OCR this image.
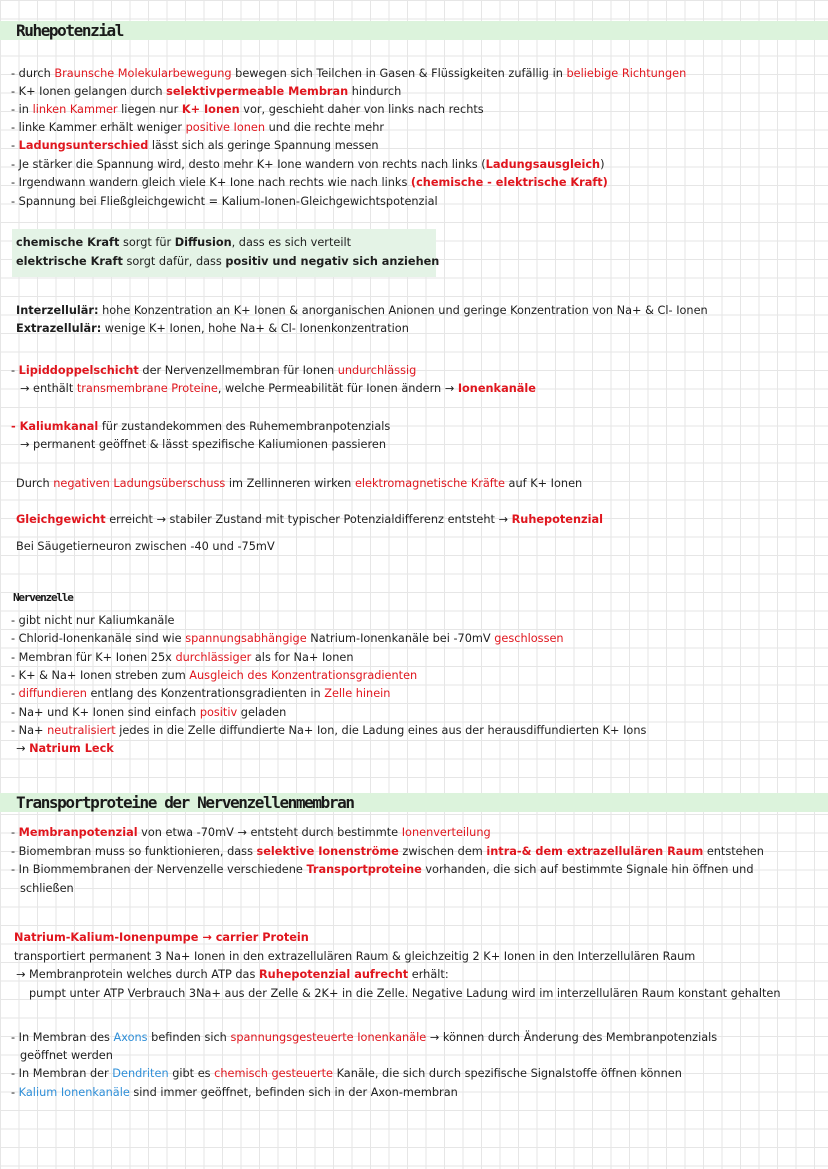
Ruhepotenzial
- durch Braunsche Molekularbewegung bewegen sich Teilchen in Gasen & Flüssigkeiten zufällig in beliebige Richtungen
- K+ Ionen gelangen durch selektivpermeable Membran hindurch
- in linken Kammer liegen nur K+ Ionen vor, geschieht daher von links nach rechts
- linke Kammer erhält weniger positive Ionen und die rechte mehr
- Ladungsunterschied lässt sich als geringe Spannung messen
- Je stärker die Spannung wird, desto mehr K+ Ione wandern von rechts nach links (Ladungsausgleich)
- Irgendwann wandern gleich viele K+ Ione nach rechts wie nach links (chemische - elektrische Kraft)
- Spannung bei Fließgleichgewicht = Kalium-Ionen-Gleichgewichtspotenzial
chemische Kraft sorgt für Diffusion, dass es sich verteilt
elektrische Kraft sorgt dafür, dass positiv und negativ sich anziehen
Interzellulär: hohe Konzentration an K+ Ionen & anorganischen Anionen und geringe Konzentration von Na+ & Cl- Ionen
Extrazellulär: wenige K+ Ionen, hohe Na+ & Cl- Ionenkonzentration
- Lipiddoppelschicht der Nervenzellmembran für Ionen undurchlässig
→ enthält transmembrane Proteine, welche Permeabilität für Ionen ändern → Ionenkanäle
- Kaliumkanal für zustandekommen des Ruhemembranpotenzials
→ permanent geöffnet & lässt spezifische Kaliumionen passieren
Durch negativen Ladungsüberschuss im Zellinneren wirken elektromagnetische Kräfte auf K+ Ionen
Gleichgewicht erreicht → stabiler Zustand mit typischer Potenzialdifferenz entsteht → Ruhepotenzial
Bei Säugetierneuron zwischen -40 und -75mV
Nervenzelle
- gibt nicht nur Kaliumkanäle
- Chlorid-Ionenkanäle sind wie spannungsabhängige Natrium-Ionenkanäle bei -70mV geschlossen
- Membran für K+ Ionen 25x durchlässiger als for Na+ Ionen
- K+ & Na+ Ionen streben zum Ausgleich des Konzentrationsgradienten
- diffundieren entlang des Konzentrationsgradienten in Zelle hinein
- Na+ und K+ Ionen sind einfach positiv geladen
- Na+ neutralisiert jedes in die Zelle diffundierte Na+ Ion, die Ladung eines aus der herausdiffundierten K+ Ions
→ Natrium Leck
Transportproteine der Nervenzellenmembran
- Membranpotenzial von etwa -70mV → entsteht durch bestimmte Ionenverteilung
- Biomembran muss so funktionieren, dass selektive Ionenströme zwischen dem intra-& dem extrazellulären Raum entstehen
- In Biommembranen der Nervenzelle verschiedene Transportproteine vorhanden, die sich auf bestimmte Signale hin öffnen und
schließen
Natrium-Kalium-Ionenpumpe → carrier Protein
transportiert permanent 3 Na+ Ionen in den extrazellulären Raum & gleichzeitig 2 K+ Ionen in den Interzellulären Raum
→ Membranprotein welches durch ATP das Ruhepotenzial aufrecht erhält:
pumpt unter ATP Verbrauch 3Na+ aus der Zelle & 2K+ in die Zelle. Negative Ladung wird im interzellulären Raum konstant gehalten
- In Membran des Axons befinden sich spannungsgesteuerte Ionenkanäle → können durch Änderung des Membranpotenzials
geöffnet werden
- In Membran der Dendriten gibt es chemisch gesteuerte Kanäle, die sich durch spezifische Signalstoffe öffnen können
- Kalium Ionenkanäle sind immer geöffnet, befinden sich in der Axon-membran
